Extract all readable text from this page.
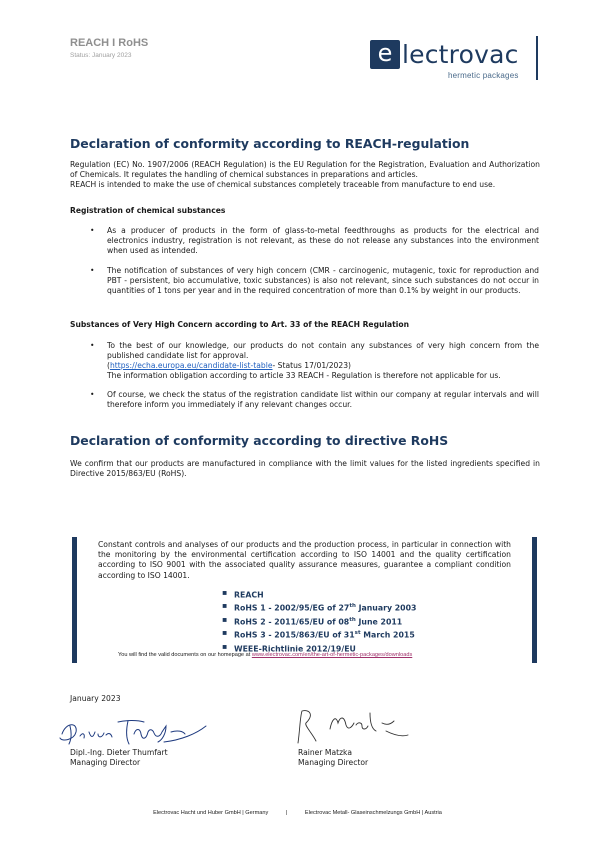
REACH I RoHS
Status: January 2023	e lectrovac
hermetic packages
Declaration of conformity according to REACH-regulation

Regulation (EC) No. 1907/2006 (REACH Regulation) is the EU Regulation for the Registration, Evaluation and Authorization of Chemicals. It regulates the handling of chemical substances in preparations and articles.

REACH is intended to make the use of chemical substances completely traceable from manufacture to end use.

Registration of chemical substances
• As a producer of products in the form of glass-to-metal feedthroughs as products for the electrical and electronics industry, registration is not relevant, as these do not release any substances into the environment when used as intended.
• The notification of substances of very high concern (CMR - carcinogenic, mutagenic, toxic for reproduction and PBT - persistent, bio accumulative, toxic substances) is also not relevant, since such substances do not occur in quantities of 1 tons per year and in the required concentration of more than 0.1% by weight in our products.
Substances of Very High Concern according to Art. 33 of the REACH Regulation
• To the best of our knowledge, our products do not contain any substances of very high concern from the published candidate list for approval.
(https://echa.europa.eu/candidate-list-table- Status 17/01/2023)
The information obligation according to article 33 REACH - Regulation is therefore not applicable for us.
• Of course, we check the status of the registration candidate list within our company at regular intervals and will therefore inform you immediately if any relevant changes occur.
Declaration of conformity according to directive RoHS

We confirm that our products are manufactured in compliance with the limit values for the listed ingredients specified in Directive 2015/863/EU (RoHS).

Constant controls and analyses of our products and the production process, in particular in connection with the monitoring by the environmental certification according to ISO 14001 and the quality certification according to ISO 9001 with the associated quality assurance measures, guarantee a compliant condition according to ISO 14001.
▪ REACH
▪ RoHS 1 - 2002/95/EG of 27th January 2003
▪ RoHS 2 - 2011/65/EU of 08th June 2011
▪ RoHS 3 - 2015/863/EU of 31st March 2015
▪ WEEE-Richtlinie 2012/19/EU
You will find the valid documents on our homepage at www.electrovac.com/en/the-art-of-hermetic-packages/downloads
January 2023
Dipl.-Ing. Dieter Thumfart
Managing Director
Rainer Matzka
Managing Director
Electrovac Hacht und Huber GmbH | Germany	|	Electrovac Metall- Glaseinschmelzungs GmbH | Austria
